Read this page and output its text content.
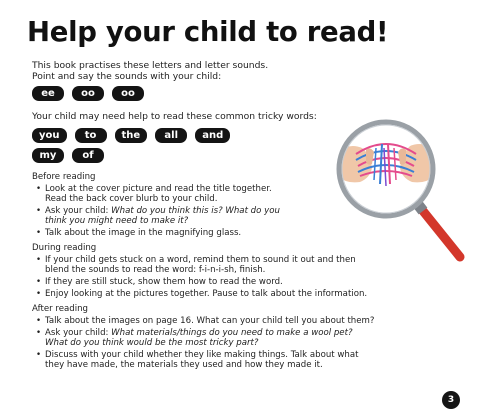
Help your child to read!
This book practises these letters and letter sounds.
Point and say the sounds with your child:
ee	oo	oo
Your child may need help to read these common tricky words:
you	to	the	all	and
my	of
Before reading
• Look at the cover picture and read the title together.
Read the back cover blurb to your child.
• Ask your child: What do you think this is? What do you
think you might need to make it?
• Talk about the image in the magnifying glass.
During reading
• If your child gets stuck on a word, remind them to sound it out and then
blend the sounds to read the word: f-i-n-i-sh, finish.
• If they are still stuck, show them how to read the word.
• Enjoy looking at the pictures together. Pause to talk about the information.
After reading
• Talk about the images on page 16. What can your child tell you about them?
• Ask your child: What materials/things do you need to make a wool pet?
What do you think would be the most tricky part?
• Discuss with your child whether they like making things. Talk about what
they have made, the materials they used and how they made it.
3
